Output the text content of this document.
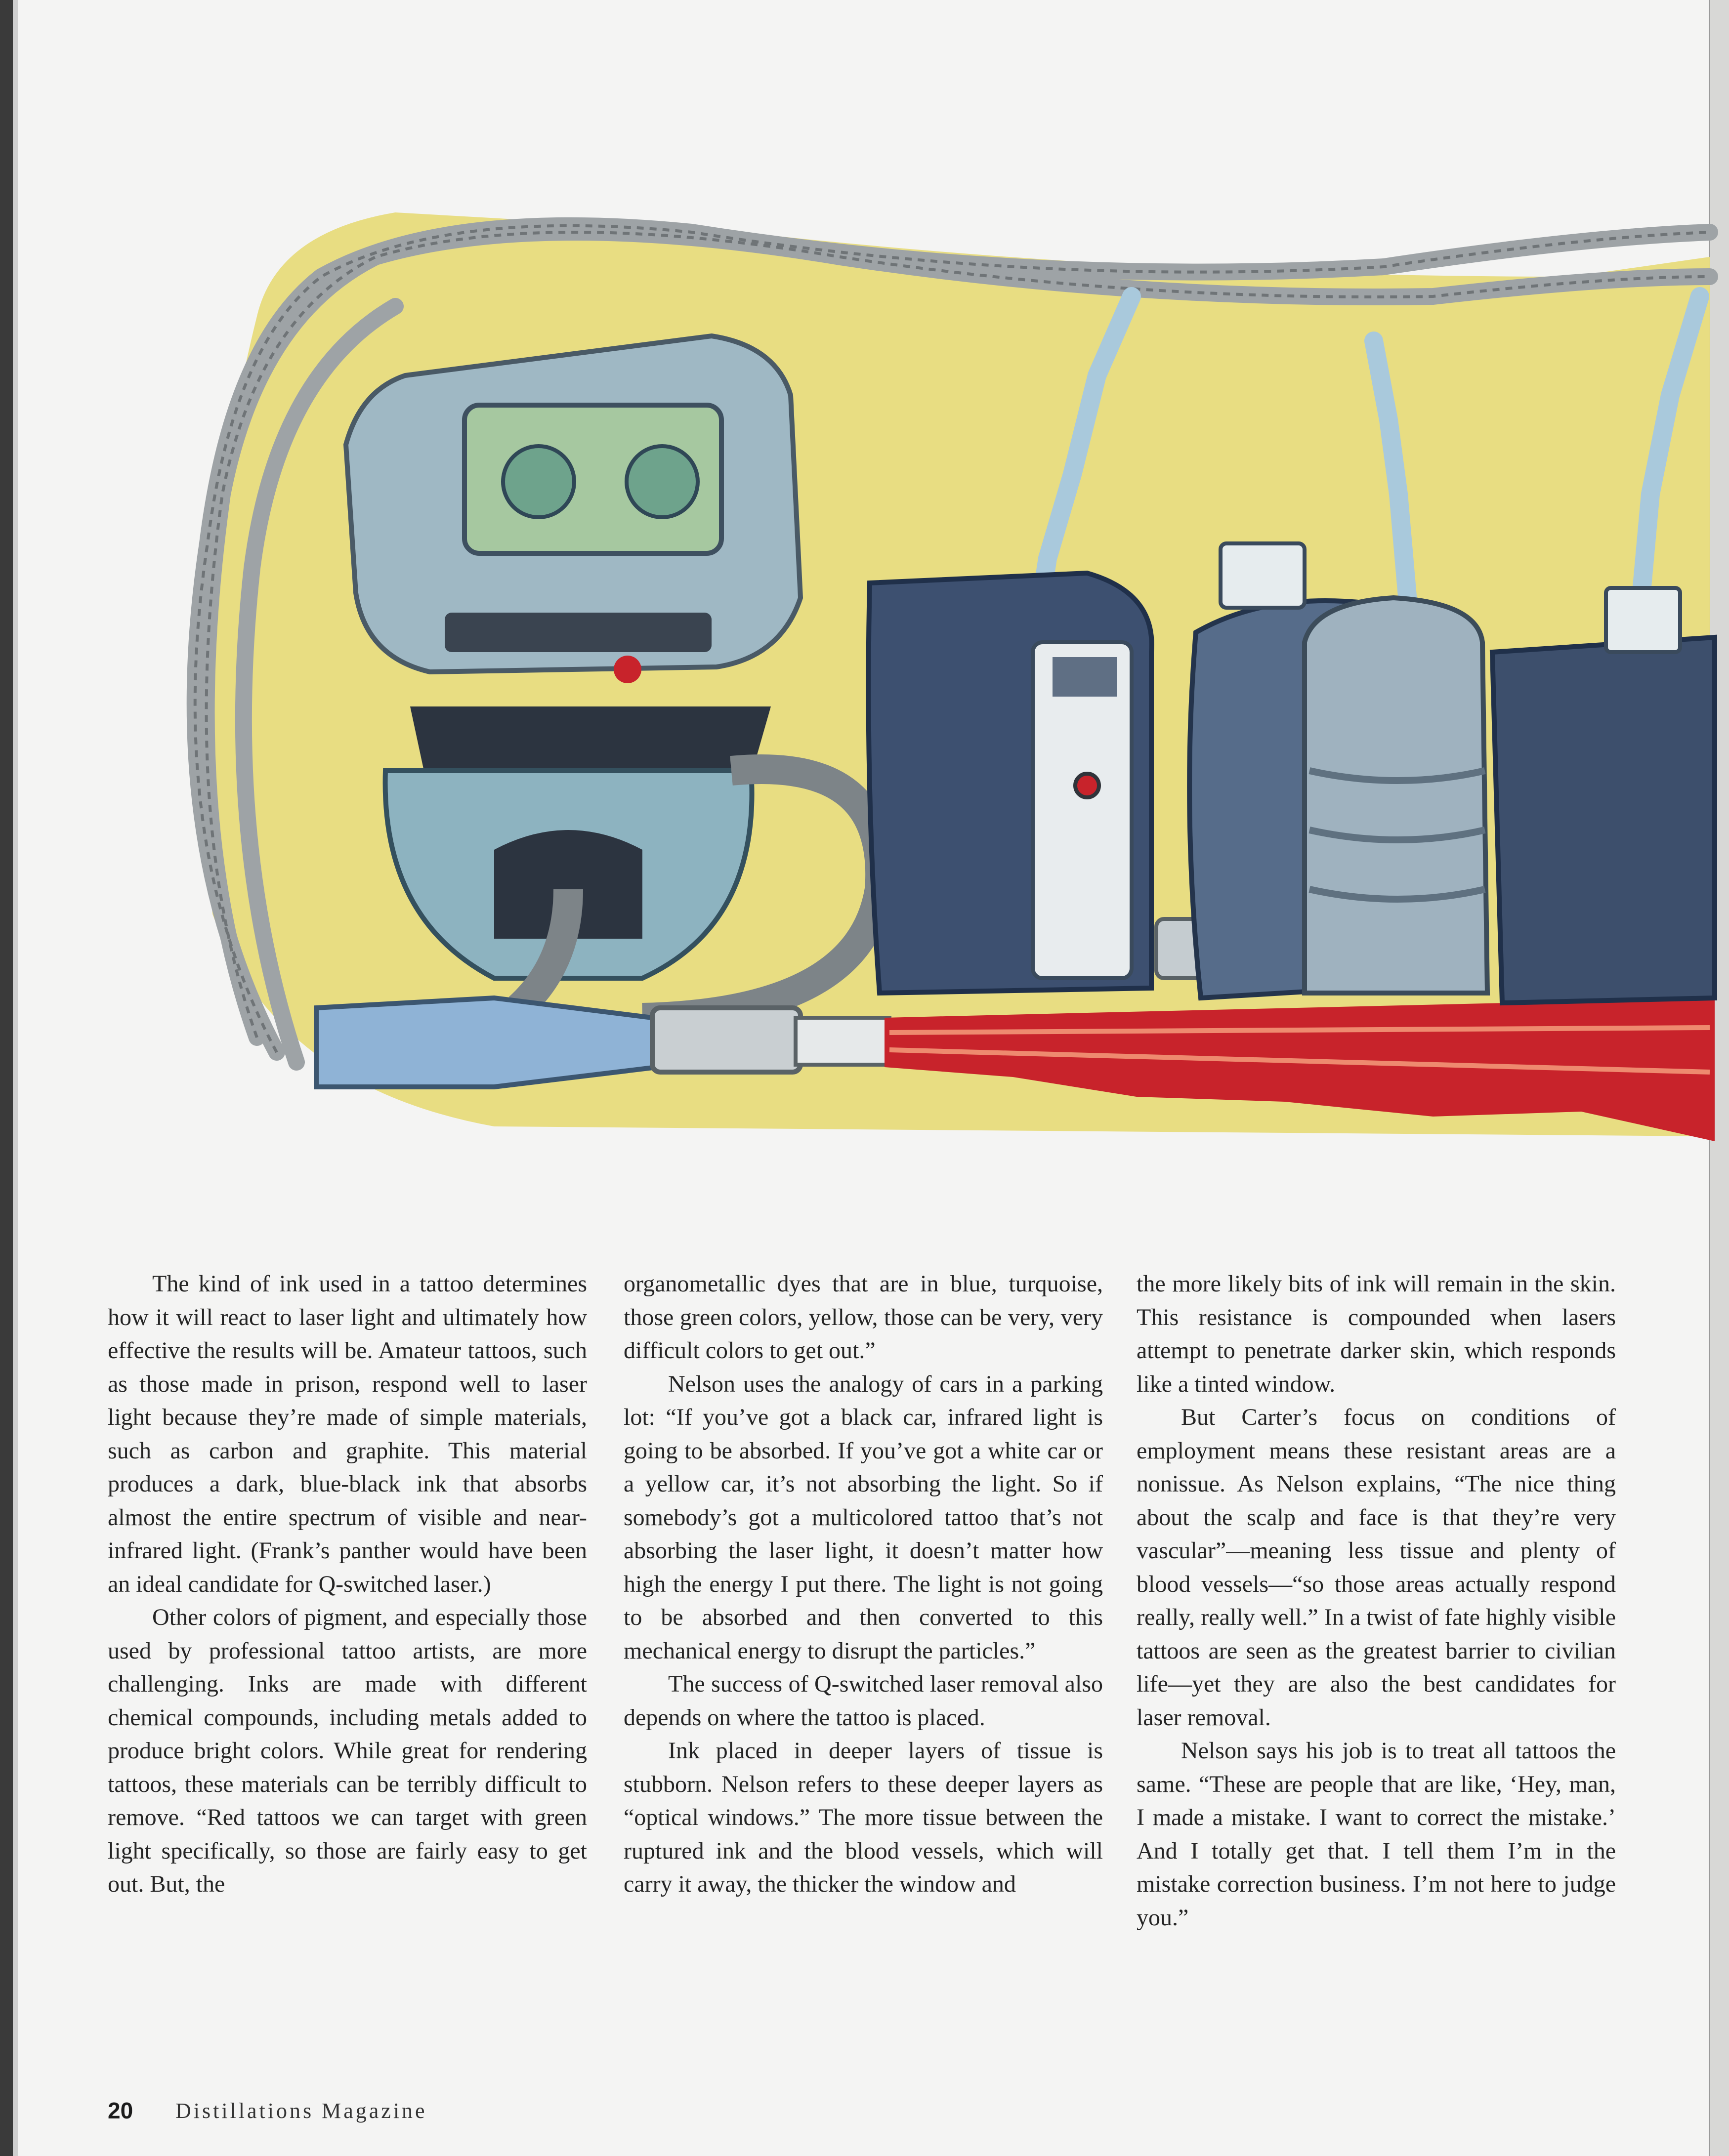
The kind of ink used in a tattoo determines how it will react to laser light and ultimately how effective the results will be. Amateur tattoos, such as those made in prison, respond well to laser light because they’re made of simple materials, such as carbon and graphite. This material produces a dark, blue-black ink that absorbs almost the entire spectrum of visible and near-infrared light. (Frank’s panther would have been an ideal candidate for Q-switched laser.)

Other colors of pigment, and especially those used by professional tattoo artists, are more challenging. Inks are made with different chemical compounds, including metals added to produce bright colors. While great for rendering tattoos, these materials can be terribly difficult to remove. “Red tattoos we can target with green light specifically, so those are fairly easy to get out. But, the

organometallic dyes that are in blue, turquoise, those green colors, yellow, those can be very, very difficult colors to get out.”

Nelson uses the analogy of cars in a parking lot: “If you’ve got a black car, infrared light is going to be absorbed. If you’ve got a white car or a yellow car, it’s not absorbing the light. So if somebody’s got a multicolored tattoo that’s not absorbing the laser light, it doesn’t matter how high the energy I put there. The light is not going to be absorbed and then converted to this mechanical energy to disrupt the particles.”

The success of Q-switched laser removal also depends on where the tattoo is placed.

Ink placed in deeper layers of tissue is stubborn. Nelson refers to these deeper layers as “optical windows.” The more tissue between the ruptured ink and the blood vessels, which will carry it away, the thicker the window and

the more likely bits of ink will remain in the skin. This resistance is compounded when lasers attempt to penetrate darker skin, which responds like a tinted window.

But Carter’s focus on conditions of employment means these resistant areas are a nonissue. As Nelson explains, “The nice thing about the scalp and face is that they’re very vascular”—meaning less tissue and plenty of blood vessels—“so those areas actually respond really, really well.” In a twist of fate highly visible tattoos are seen as the greatest barrier to civilian life—yet they are also the best candidates for laser removal.

Nelson says his job is to treat all tattoos the same. “These are people that are like, ‘Hey, man, I made a mistake. I want to correct the mistake.’ And I totally get that. I tell them I’m in the mistake correction business. I’m not here to judge you.”

20 Distillations Magazine
